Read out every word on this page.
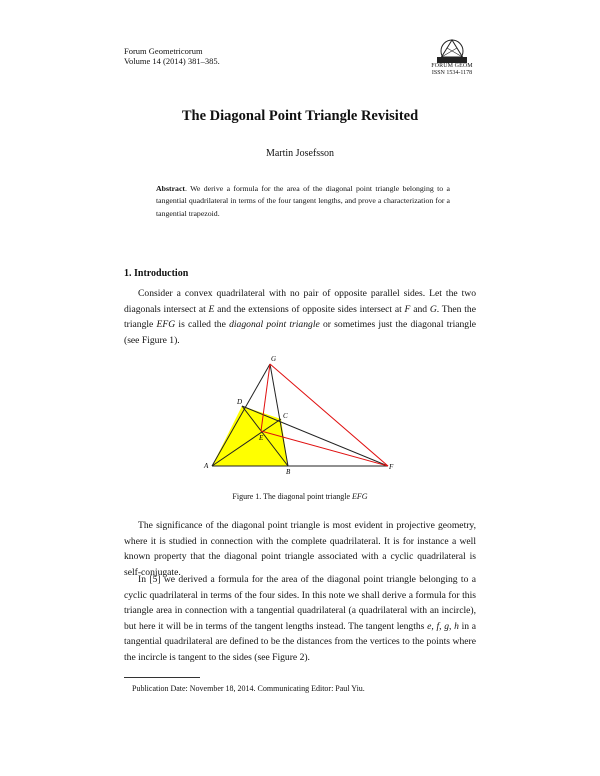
Forum Geometricorum
Volume 14 (2014) 381–385.	FORUM GEOM
ISSN 1534-1178
The Diagonal Point Triangle Revisited
Martin Josefsson
Abstract. We derive a formula for the area of the diagonal point triangle belonging to a tangential quadrilateral in terms of the four tangent lengths, and prove a characterization for a tangential trapezoid.
1. Introduction
Consider a convex quadrilateral with no pair of opposite parallel sides. Let the two diagonals intersect at E and the extensions of opposite sides intersect at F and G. Then the triangle EFG is called the diagonal point triangle or sometimes just the diagonal triangle (see Figure 1).
G
D
C
E
A
B
F
Figure 1. The diagonal point triangle EFG
The significance of the diagonal point triangle is most evident in projective geometry, where it is studied in connection with the complete quadrilateral. It is for instance a well known property that the diagonal point triangle associated with a cyclic quadrilateral is self-conjugate.
In [5] we derived a formula for the area of the diagonal point triangle belonging to a cyclic quadrilateral in terms of the four sides. In this note we shall derive a formula for this triangle area in connection with a tangential quadrilateral (a quadrilateral with an incircle), but here it will be in terms of the tangent lengths instead. The tangent lengths e, f, g, h in a tangential quadrilateral are defined to be the distances from the vertices to the points where the incircle is tangent to the sides (see Figure 2).
Publication Date: November 18, 2014. Communicating Editor: Paul Yiu.
